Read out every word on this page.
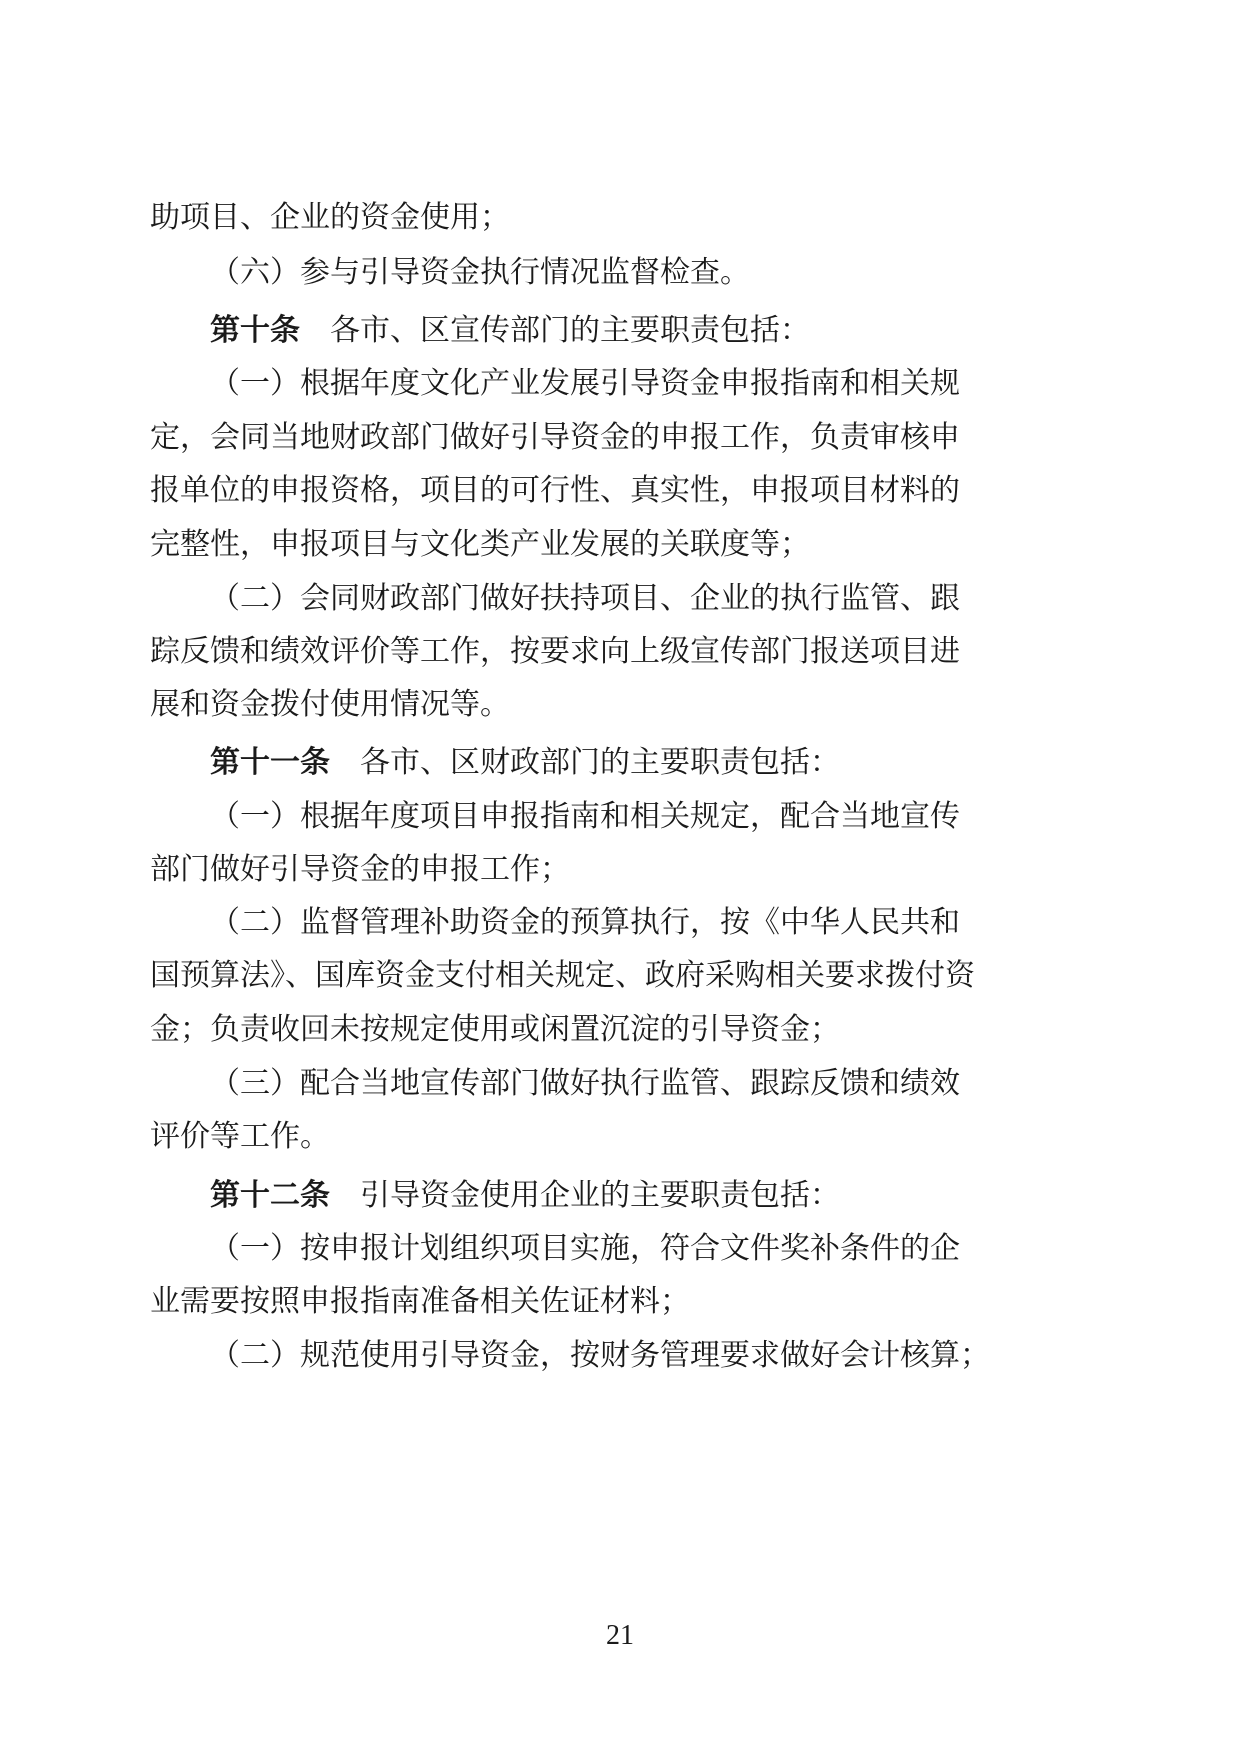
助项目、企业的资金使用；
（六）参与引导资金执行情况监督检查。
第十条 各市、区宣传部门的主要职责包括：
（一）根据年度文化产业发展引导资金申报指南和相关规
定，会同当地财政部门做好引导资金的申报工作，负责审核申
报单位的申报资格，项目的可行性、真实性，申报项目材料的
完整性，申报项目与文化类产业发展的关联度等；
（二）会同财政部门做好扶持项目、企业的执行监管、跟
踪反馈和绩效评价等工作，按要求向上级宣传部门报送项目进
展和资金拨付使用情况等。
第十一条 各市、区财政部门的主要职责包括：
（一）根据年度项目申报指南和相关规定，配合当地宣传
部门做好引导资金的申报工作；
（二）监督管理补助资金的预算执行，按《中华人民共和
国预算法》、国库资金支付相关规定、政府采购相关要求拨付资
金；负责收回未按规定使用或闲置沉淀的引导资金；
（三）配合当地宣传部门做好执行监管、跟踪反馈和绩效
评价等工作。
第十二条 引导资金使用企业的主要职责包括：
（一）按申报计划组织项目实施，符合文件奖补条件的企
业需要按照申报指南准备相关佐证材料；
（二）规范使用引导资金，按财务管理要求做好会计核算；
21
